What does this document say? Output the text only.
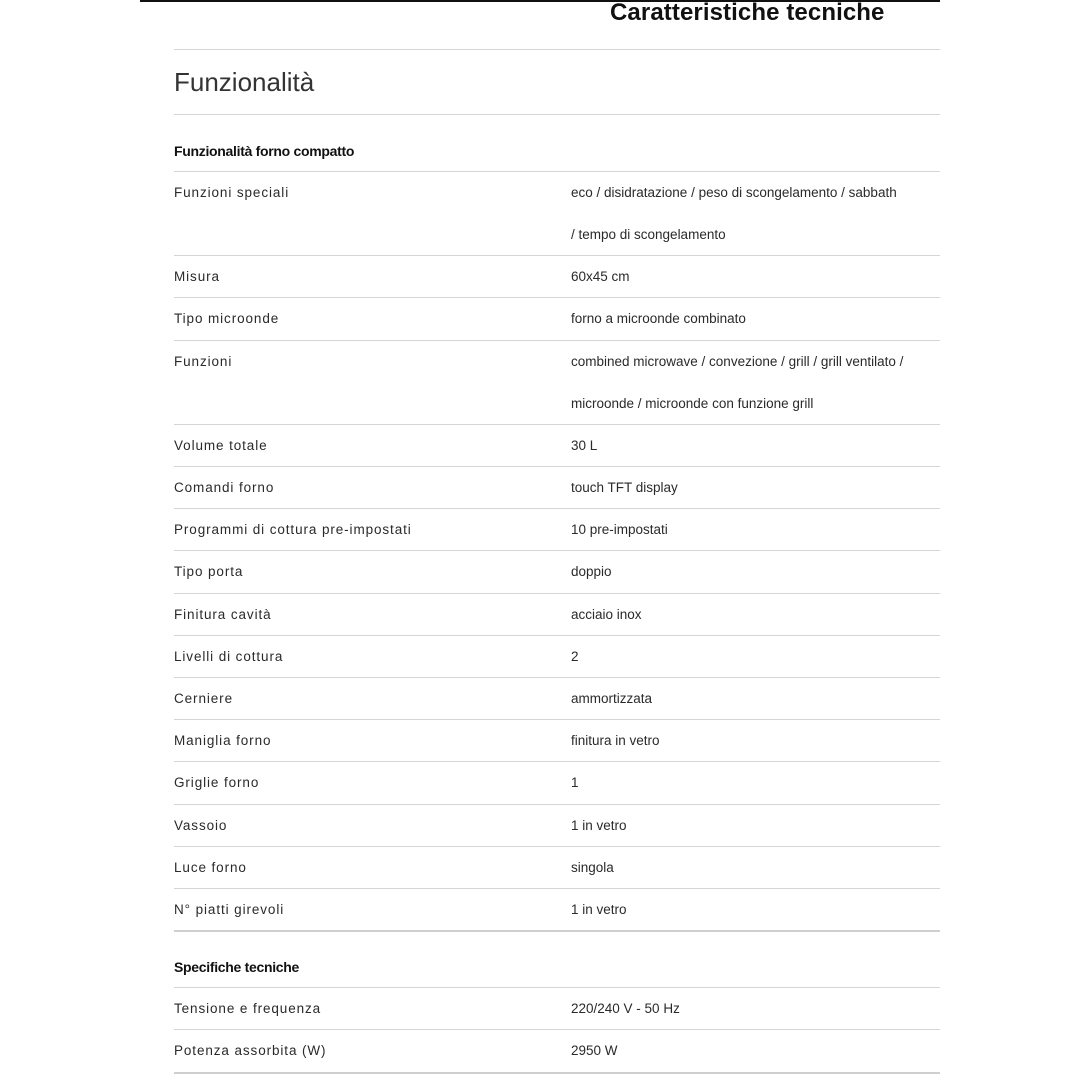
Caratteristiche tecniche
Funzionalità
Funzionalità forno compatto
Funzioni speciali	eco / disidratazione / peso di scongelamento / sabbath
/ tempo di scongelamento
Misura	60x45 cm
Tipo microonde	forno a microonde combinato
Funzioni	combined microwave / convezione / grill / grill ventilato /
microonde / microonde con funzione grill
Volume totale	30 L
Comandi forno	touch TFT display
Programmi di cottura pre-impostati	10 pre-impostati
Tipo porta	doppio
Finitura cavità	acciaio inox
Livelli di cottura	2
Cerniere	ammortizzata
Maniglia forno	finitura in vetro
Griglie forno	1
Vassoio	1 in vetro
Luce forno	singola
N° piatti girevoli	1 in vetro
Specifiche tecniche
Tensione e frequenza	220/240 V - 50 Hz
Potenza assorbita (W)	2950 W
